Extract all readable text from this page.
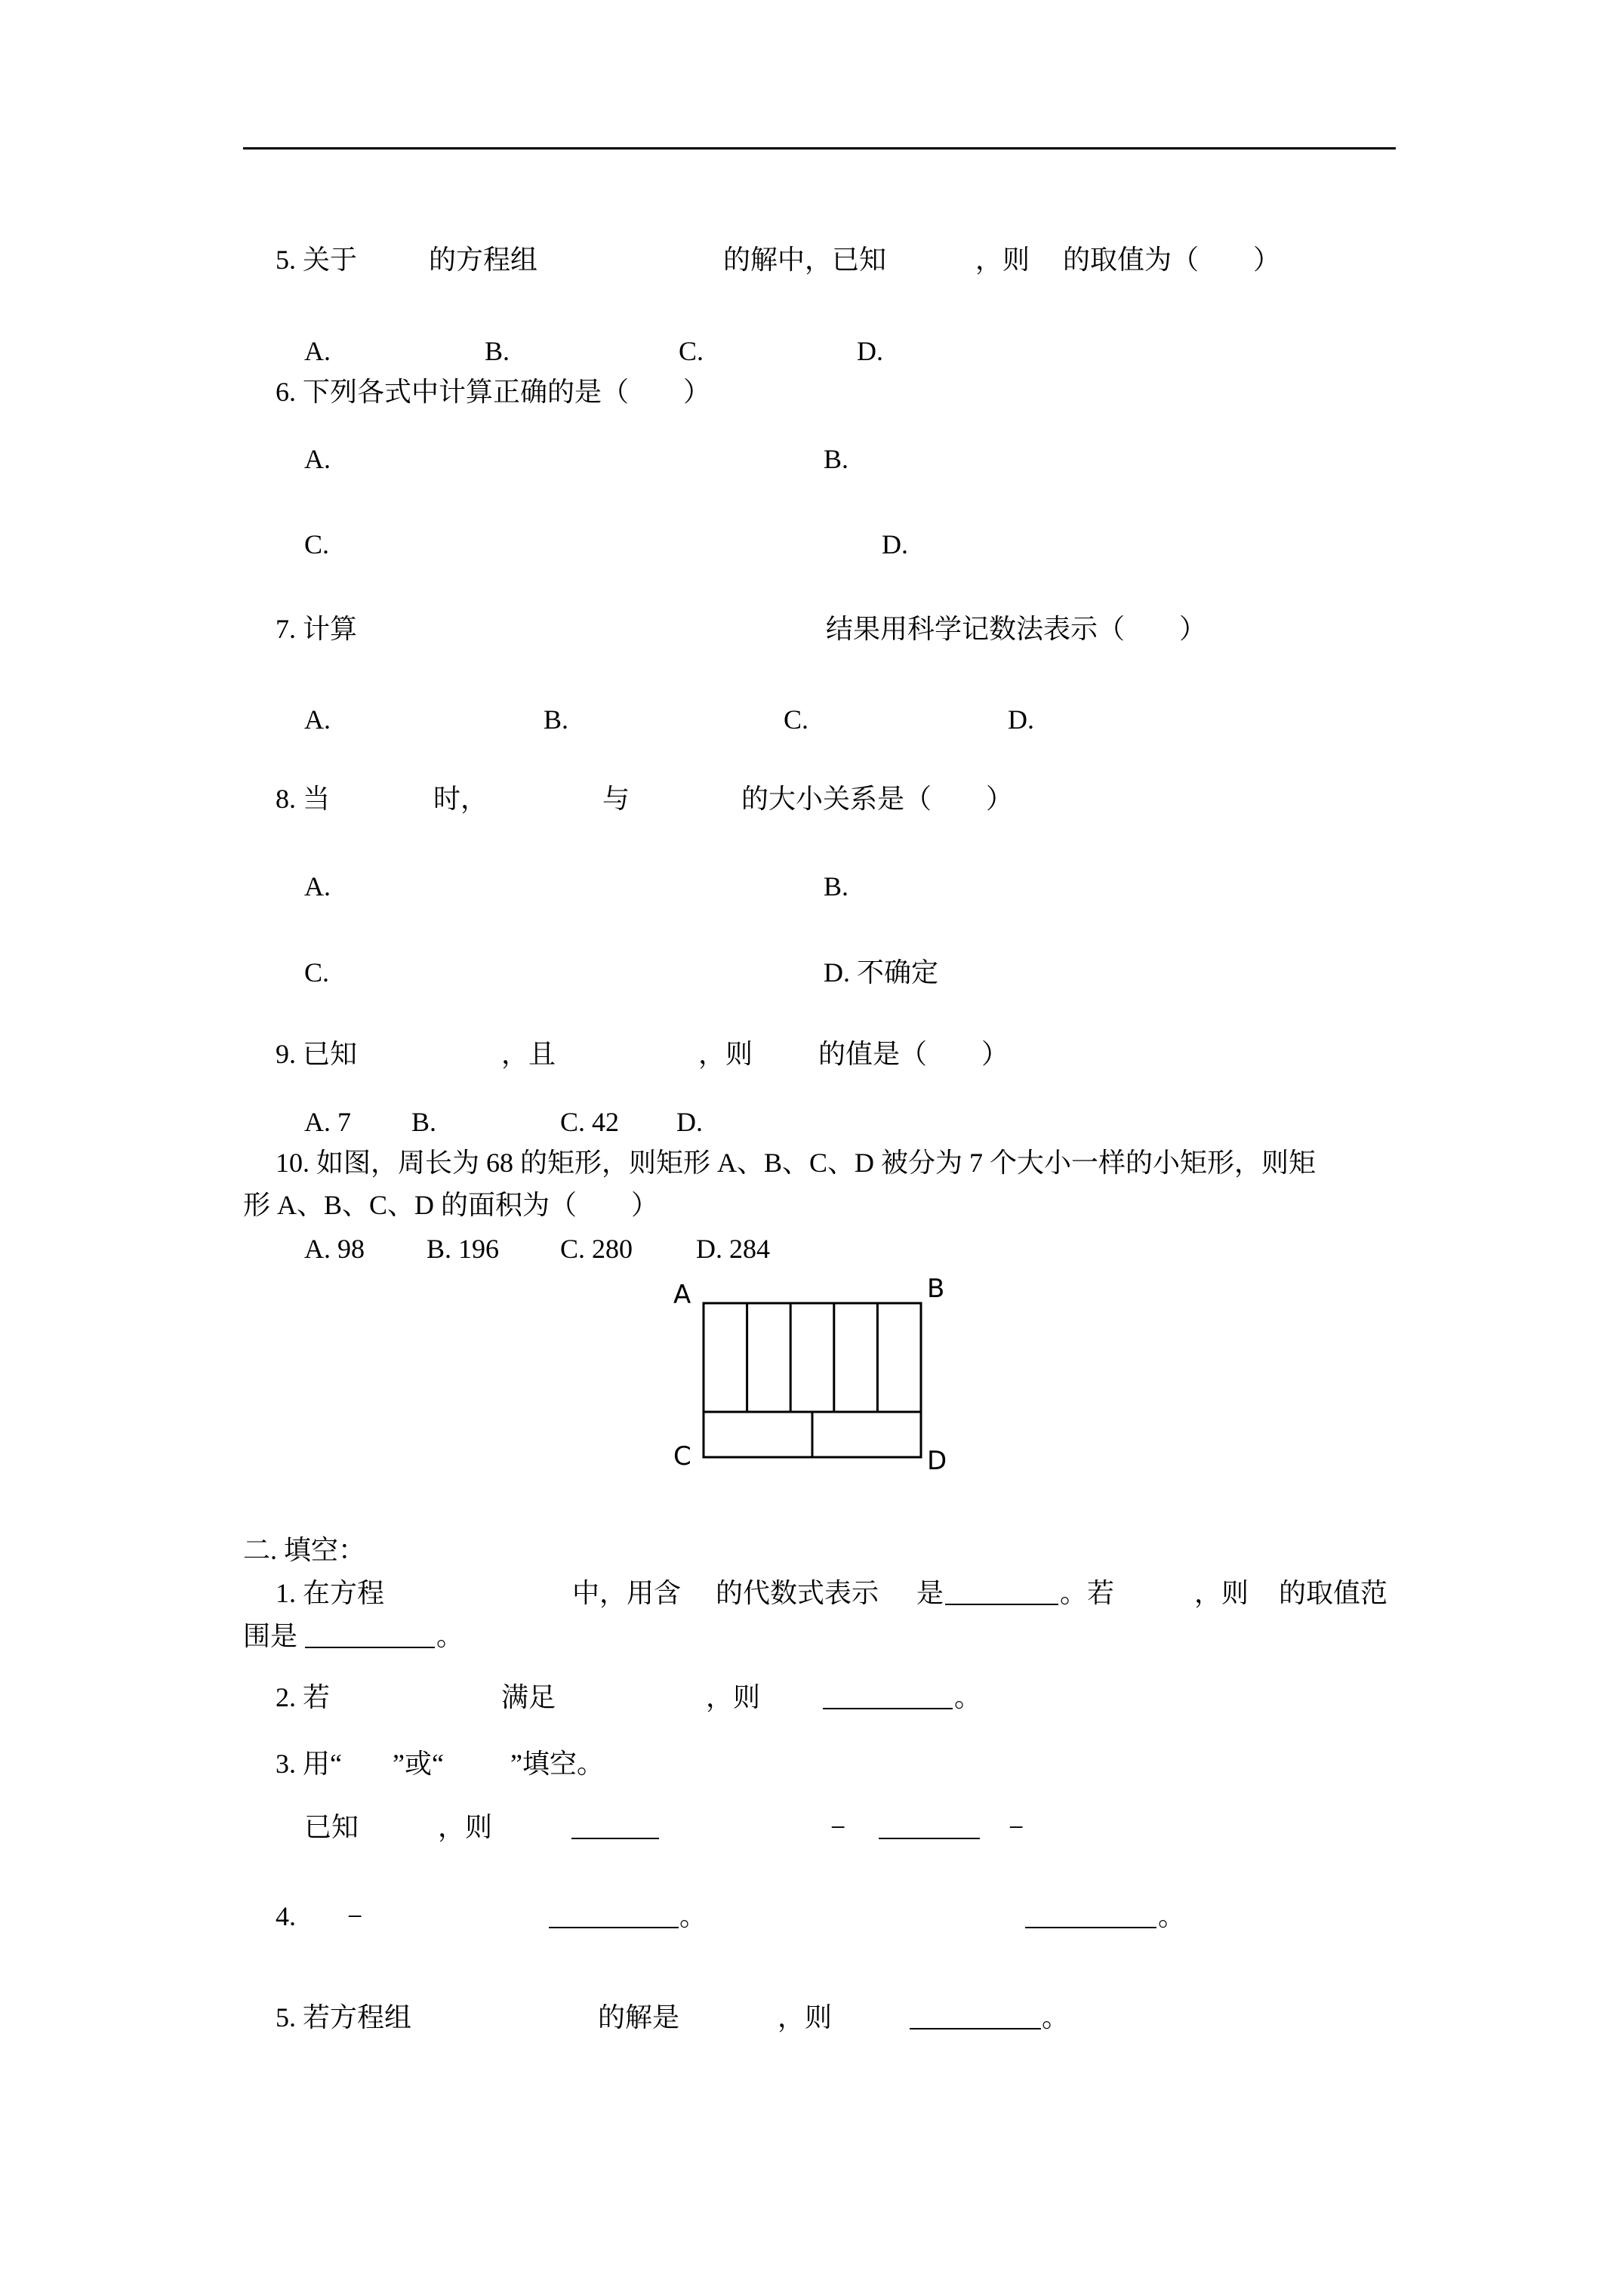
5. 关于	的方程组	的解中，已知	，则 的取值为（　　）
A.	B.	C.	D.
6. 下列各式中计算正确的是（　　）
A.	B.
C.	D.
7. 计算	结果用科学记数法表示（　　）
A.	B.	C.	D.
8. 当	时，	与	的大小关系是（　　）
A.	B.
C.	D. 不确定
9. 已知	，且	，则 的值是（　　）
A. 7 B.	C. 42 D.
10. 如图，周长为 68 的矩形，则矩形 A、B、C、D 被分为 7 个大小一样的小矩形，则矩
形 A、B、C、D 的面积为（　　）
A. 98 B. 196 C. 280 D. 284
A	B
C	D
二. 填空：
1. 在方程	中，用含 的代数式表示 是	。若	，则 的取值范
围是	。
2. 若	满足	，则	。
3. 用“ ”或“ ”填空。
已知	，则	−	−
4. −	。	。
5. 若方程组	的解是	，则	。
